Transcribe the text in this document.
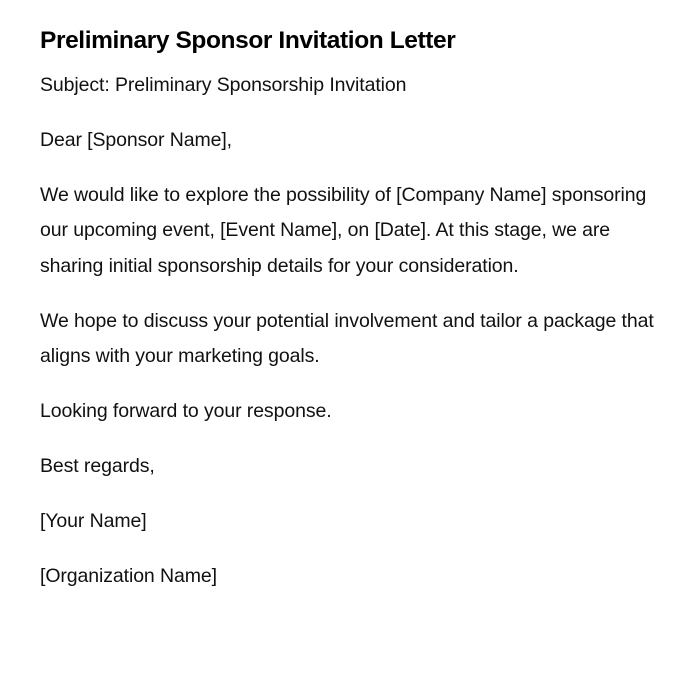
Preliminary Sponsor Invitation Letter

Subject: Preliminary Sponsorship Invitation

Dear [Sponsor Name],

We would like to explore the possibility of [Company Name] sponsoring our upcoming event, [Event Name], on [Date]. At this stage, we are sharing initial sponsorship details for your consideration.

We hope to discuss your potential involvement and tailor a package that aligns with your marketing goals.

Looking forward to your response.

Best regards,

[Your Name]

[Organization Name]
